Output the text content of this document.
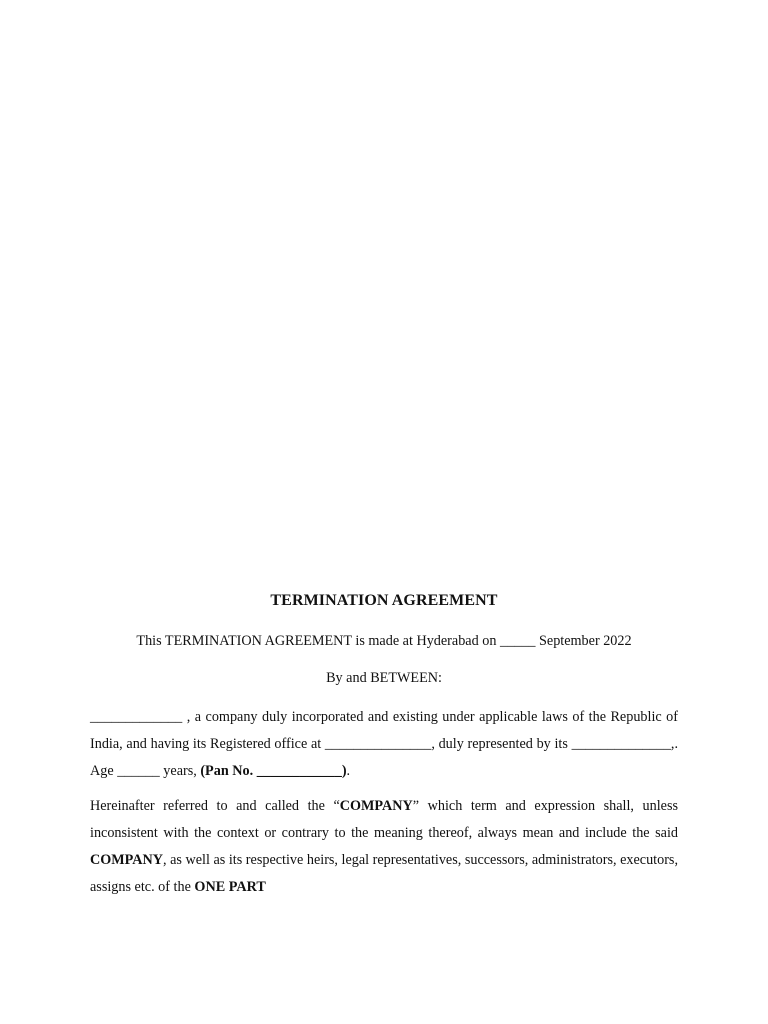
TERMINATION AGREEMENT
This TERMINATION AGREEMENT is made at Hyderabad on _____ September 2022
By and BETWEEN:
_____________ , a company duly incorporated and existing under applicable laws of the Republic of India, and having its Registered office at _______________, duly represented by its ______________,. Age ______ years, (Pan No. ____________).
Hereinafter referred to and called the “COMPANY” which term and expression shall, unless inconsistent with the context or contrary to the meaning thereof, always mean and include the said COMPANY, as well as its respective heirs, legal representatives, successors, administrators, executors, assigns etc. of the ONE PART
